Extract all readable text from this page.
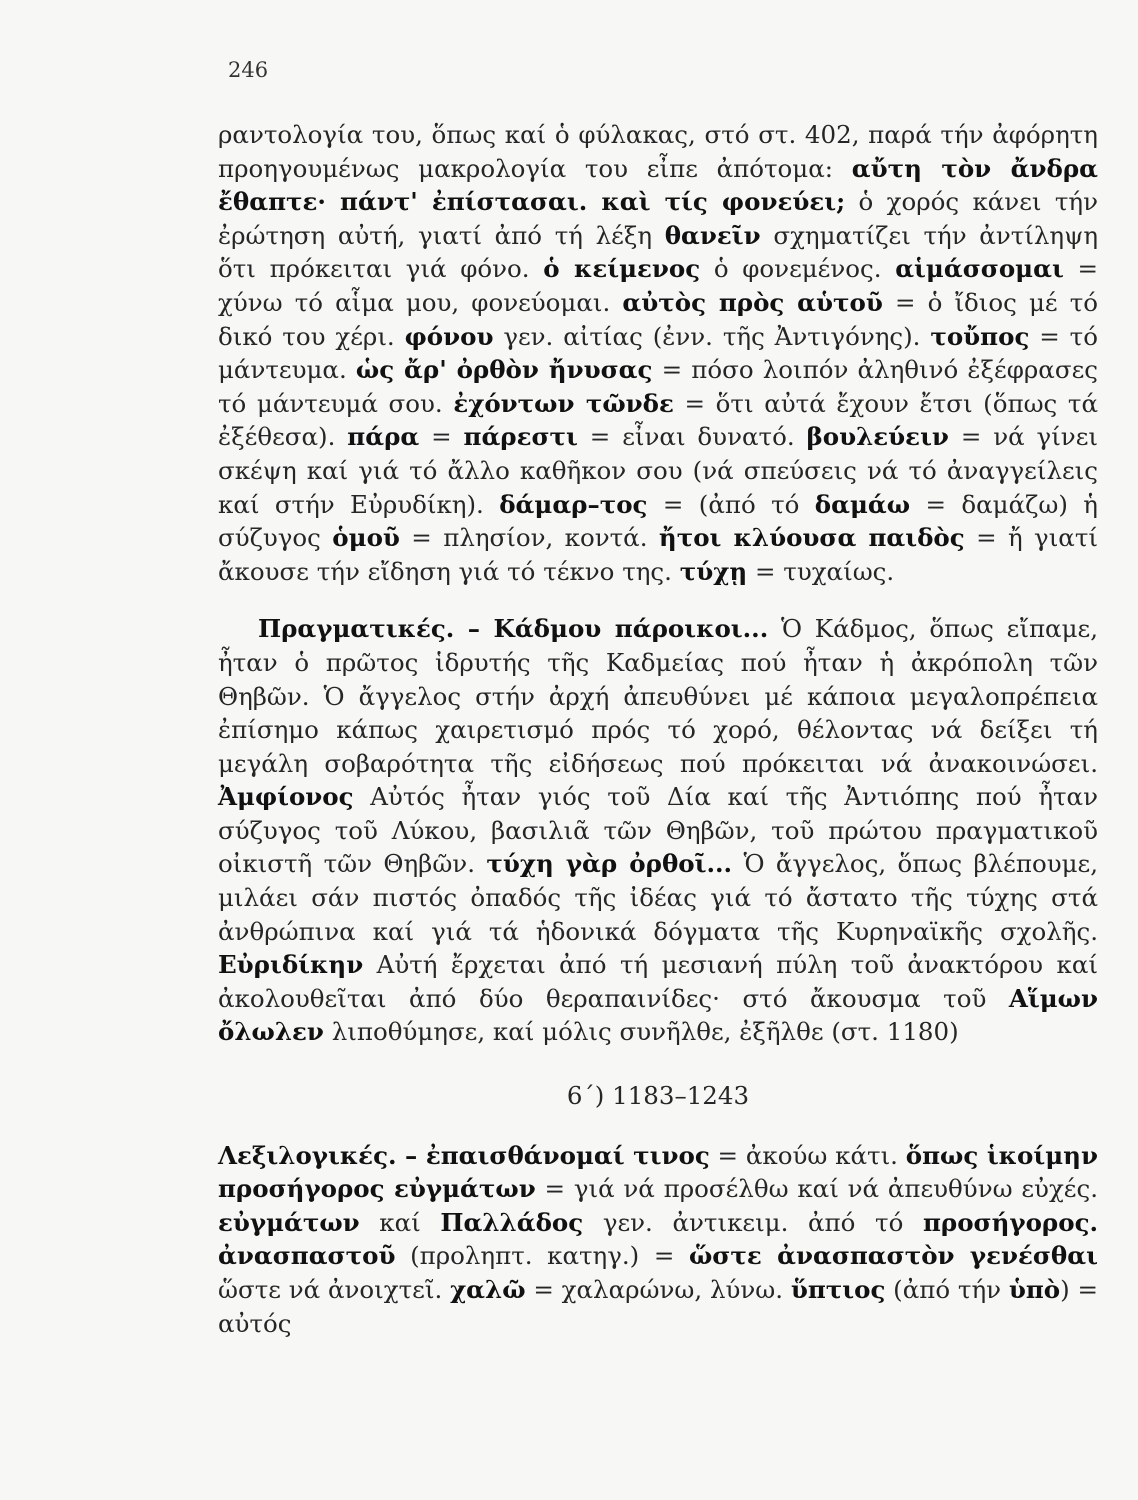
246

ραντολογία του, ὅπως καί ὁ φύλακας, στό στ. 402, παρά τήν ἀφόρητη προηγουμένως μακρολογία του εἶπε ἀπότομα: αὔτη τὸν ἄνδρα ἔθαπτε· πάντ' ἐπίστασαι. καὶ τίς φονεύει; ὁ χορός κάνει τήν ἐρώτηση αὐτή, γιατί ἀπό τή λέξη θανεῖν σχηματίζει τήν ἀντίληψη ὅτι πρόκειται γιά φόνο. ὁ κείμενος ὁ φονεμένος. αἱμάσσομαι = χύνω τό αἷμα μου, φονεύομαι. αὐτὸς πρὸς αὑτοῦ = ὁ ἴδιος μέ τό δικό του χέρι. φόνου γεν. αἰτίας (ἐνν. τῆς Ἀντιγόνης). τοὔπος = τό μάντευμα. ὡς ἄρ' ὀρθὸν ἤνυσας = πόσο λοιπόν ἀληθινό ἐξέφρασες τό μάντευμά σου. ἐχόντων τῶνδε = ὅτι αὐτά ἔχουν ἔτσι (ὅπως τά ἐξέθεσα). πάρα = πάρεστι = εἶναι δυνατό. βουλεύειν = νά γίνει σκέψη καί γιά τό ἄλλο καθῆκον σου (νά σπεύσεις νά τό ἀναγγείλεις καί στήν Εὐρυδίκη). δάμαρ–τος = (ἀπό τό δαμάω = δαμάζω) ἡ σύζυγος ὁμοῦ = πλησίον, κοντά. ἤτοι κλύουσα παιδὸς = ἤ γιατί ἄκουσε τήν εἴδηση γιά τό τέκνο της. τύχῃ = τυχαίως.

Πραγματικές. – Κάδμου πάροικοι... Ὁ Κάδμος, ὅπως εἴπαμε, ἦταν ὁ πρῶτος ἱδρυτής τῆς Καδμείας πού ἦταν ἡ ἀκρόπολη τῶν Θηβῶν. Ὁ ἄγγελος στήν ἀρχή ἀπευθύνει μέ κάποια μεγαλοπρέπεια ἐπίσημο κάπως χαιρετισμό πρός τό χορό, θέλοντας νά δείξει τή μεγάλη σοβαρότητα τῆς εἰδήσεως πού πρόκειται νά ἀνακοινώσει. Ἀμφίονος Αὐτός ἦταν γιός τοῦ Δία καί τῆς Ἀντιόπης πού ἦταν σύζυγος τοῦ Λύκου, βασιλιᾶ τῶν Θηβῶν, τοῦ πρώτου πραγματικοῦ οἰκιστῆ τῶν Θηβῶν. τύχη γὰρ ὀρθοῖ... Ὁ ἄγγελος, ὅπως βλέπουμε, μιλάει σάν πιστός ὀπαδός τῆς ἰδέας γιά τό ἄστατο τῆς τύχης στά ἀνθρώπινα καί γιά τά ἡδονικά δόγματα τῆς Κυρηναϊκῆς σχολῆς. Εὐριδίκην Αὐτή ἔρχεται ἀπό τή μεσιανή πύλη τοῦ ἀνακτόρου καί ἀκολουθεῖται ἀπό δύο θεραπαινίδες· στό ἄκουσμα τοῦ Αἵμων ὄλωλεν λιποθύμησε, καί μόλις συνῆλθε, ἐξῆλθε (στ. 1180)

6΄) 1183–1243

Λεξιλογικές. – ἐπαισθάνομαί τινος = ἀκούω κάτι. ὅπως ἱκοίμην προσήγορος εὐγμάτων = γιά νά προσέλθω καί νά ἀπευθύνω εὐχές. εὐγμάτων καί Παλλάδος γεν. ἀντικειμ. ἀπό τό προσήγορος. ἀνασπαστοῦ (προληπτ. κατηγ.) = ὥστε ἀνασπαστὸν γενέσθαι ὥστε νά ἀνοιχτεῖ. χαλῶ = χαλαρώνω, λύνω. ὕπτιος (ἀπό τήν ὑπὸ) = αὐτός
